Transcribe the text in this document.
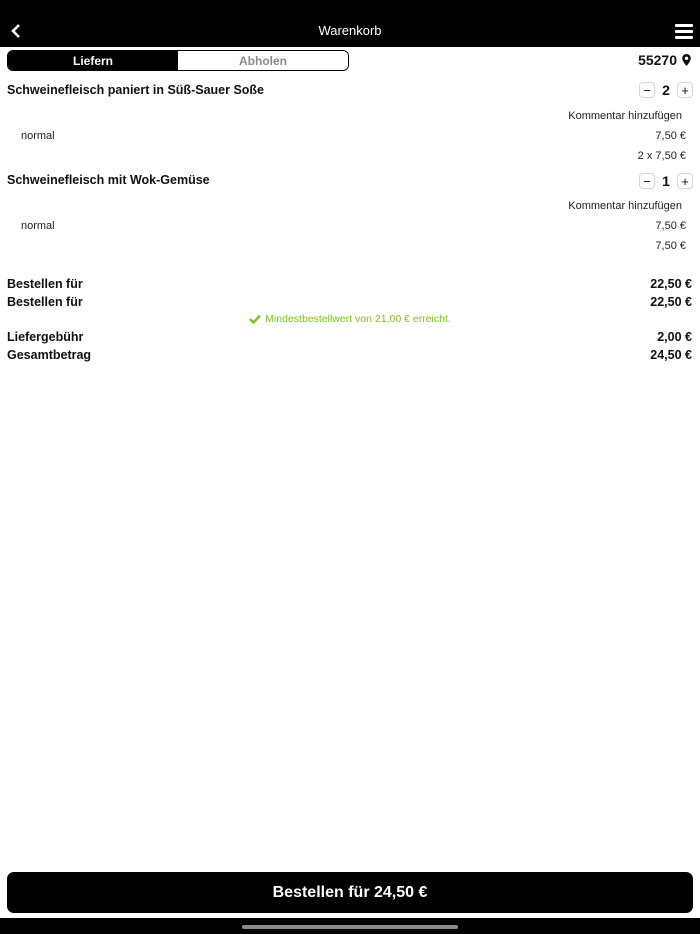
Warenkorb
Liefern	Abholen	55270
Schweinefleisch paniert in Süß-Sauer Soße	− 2 +
Kommentar hinzufügen
normal	7,50 €
2 x 7,50 €
Schweinefleisch mit Wok-Gemüse	− 1 +
Kommentar hinzufügen
normal	7,50 €
7,50 €
Bestellen für	22,50 €
Bestellen für	22,50 €
Mindestbestellwert von 21,00 € erreicht.
Liefergebühr	2,00 €
Gesamtbetrag	24,50 €
Bestellen für 24,50 €
